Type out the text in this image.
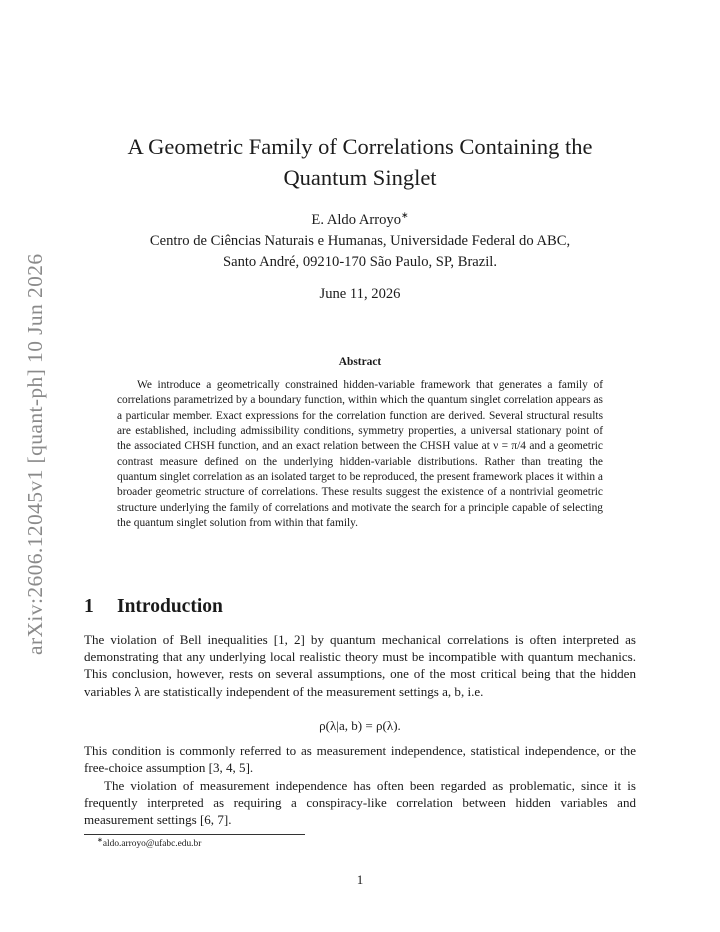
arXiv:2606.12045v1 [quant-ph] 10 Jun 2026
A Geometric Family of Correlations Containing the
Quantum Singlet
E. Aldo Arroyo∗
Centro de Ciências Naturais e Humanas, Universidade Federal do ABC,
Santo André, 09210-170 São Paulo, SP, Brazil.
June 11, 2026
Abstract
We introduce a geometrically constrained hidden-variable framework that generates a family of correlations parametrized by a boundary function, within which the quantum singlet correlation appears as a particular member. Exact expressions for the correlation function are derived. Several structural results are established, including admissibility conditions, symmetry properties, a universal stationary point of the associated CHSH function, and an exact relation between the CHSH value at ν = π/4 and a geometric contrast measure defined on the underlying hidden-variable distributions. Rather than treating the quantum singlet correlation as an isolated target to be reproduced, the present framework places it within a broader geometric structure of correlations. These results suggest the existence of a nontrivial geometric structure underlying the family of correlations and motivate the search for a principle capable of selecting the quantum singlet solution from within that family.
1 Introduction
The violation of Bell inequalities [1, 2] by quantum mechanical correlations is often interpreted as demonstrating that any underlying local realistic theory must be incompatible with quantum mechanics. This conclusion, however, rests on several assumptions, one of the most critical being that the hidden variables λ are statistically independent of the measurement settings a, b, i.e.
ρ(λ|a, b) = ρ(λ).
This condition is commonly referred to as measurement independence, statistical independence, or the free-choice assumption [3, 4, 5].
The violation of measurement independence has often been regarded as problematic, since it is frequently interpreted as requiring a conspiracy-like correlation between hidden variables and measurement settings [6, 7].
∗aldo.arroyo@ufabc.edu.br
1
